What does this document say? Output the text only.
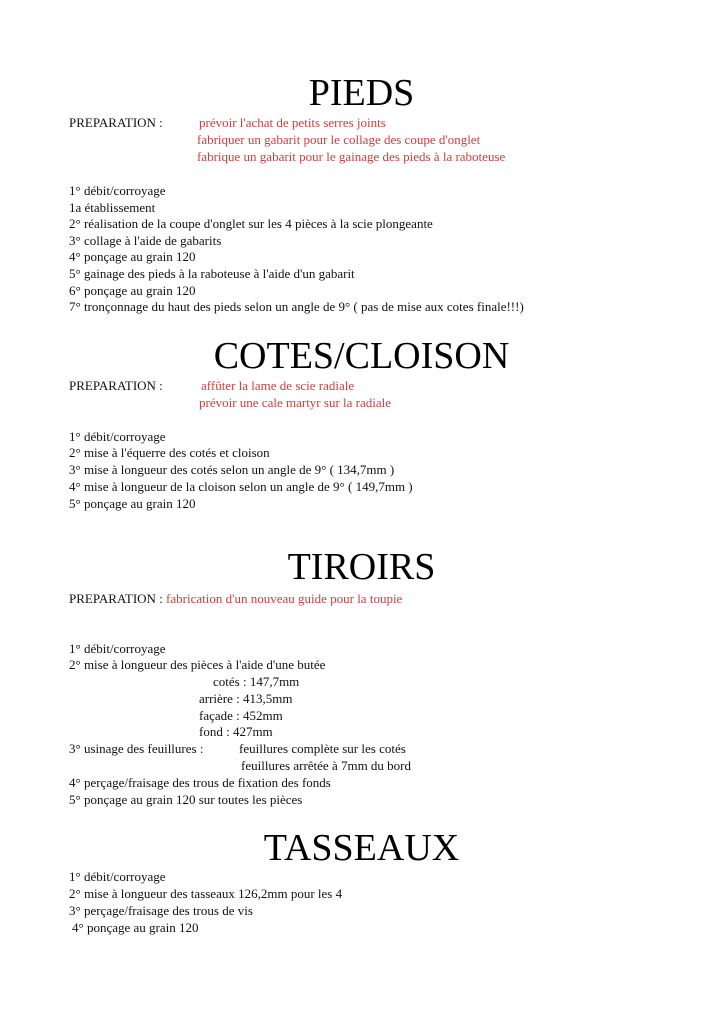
PIEDS
PREPARATION :	prévoir l'achat de petits serres joints
fabriquer un gabarit pour le collage des coupe d'onglet
fabrique un gabarit pour le gainage des pieds à la raboteuse
1° débit/corroyage
1a établissement
2° réalisation de la coupe d'onglet sur les 4 pièces à la scie plongeante
3° collage à l'aide de gabarits
4° ponçage au grain 120
5° gainage des pieds à la raboteuse à l'aide d'un gabarit
6° ponçage au grain 120
7° tronçonnage du haut des pieds selon un angle de 9° ( pas de mise aux cotes finale!!!)
COTES/CLOISON
PREPARATION :	affûter la lame de scie radiale
prévoir une cale martyr sur la radiale
1° débit/corroyage
2° mise à l'équerre des cotés et cloison
3° mise à longueur des cotés selon un angle de 9° ( 134,7mm )
4° mise à longueur de la cloison selon un angle de 9° ( 149,7mm )
5° ponçage au grain 120
TIROIRS
PREPARATION : fabrication d'un nouveau guide pour la toupie
1° débit/corroyage
2° mise à longueur des pièces à l'aide d'une butée
cotés : 147,7mm
arrière : 413,5mm
façade : 452mm
fond : 427mm
3° usinage des feuillures :	feuillures complète sur les cotés
feuillures arrêtée à 7mm du bord
4° perçage/fraisage des trous de fixation des fonds
5° ponçage au grain 120 sur toutes les pièces
TASSEAUX
1° débit/corroyage
2° mise à longueur des tasseaux 126,2mm pour les 4
3° perçage/fraisage des trous de vis
4° ponçage au grain 120
